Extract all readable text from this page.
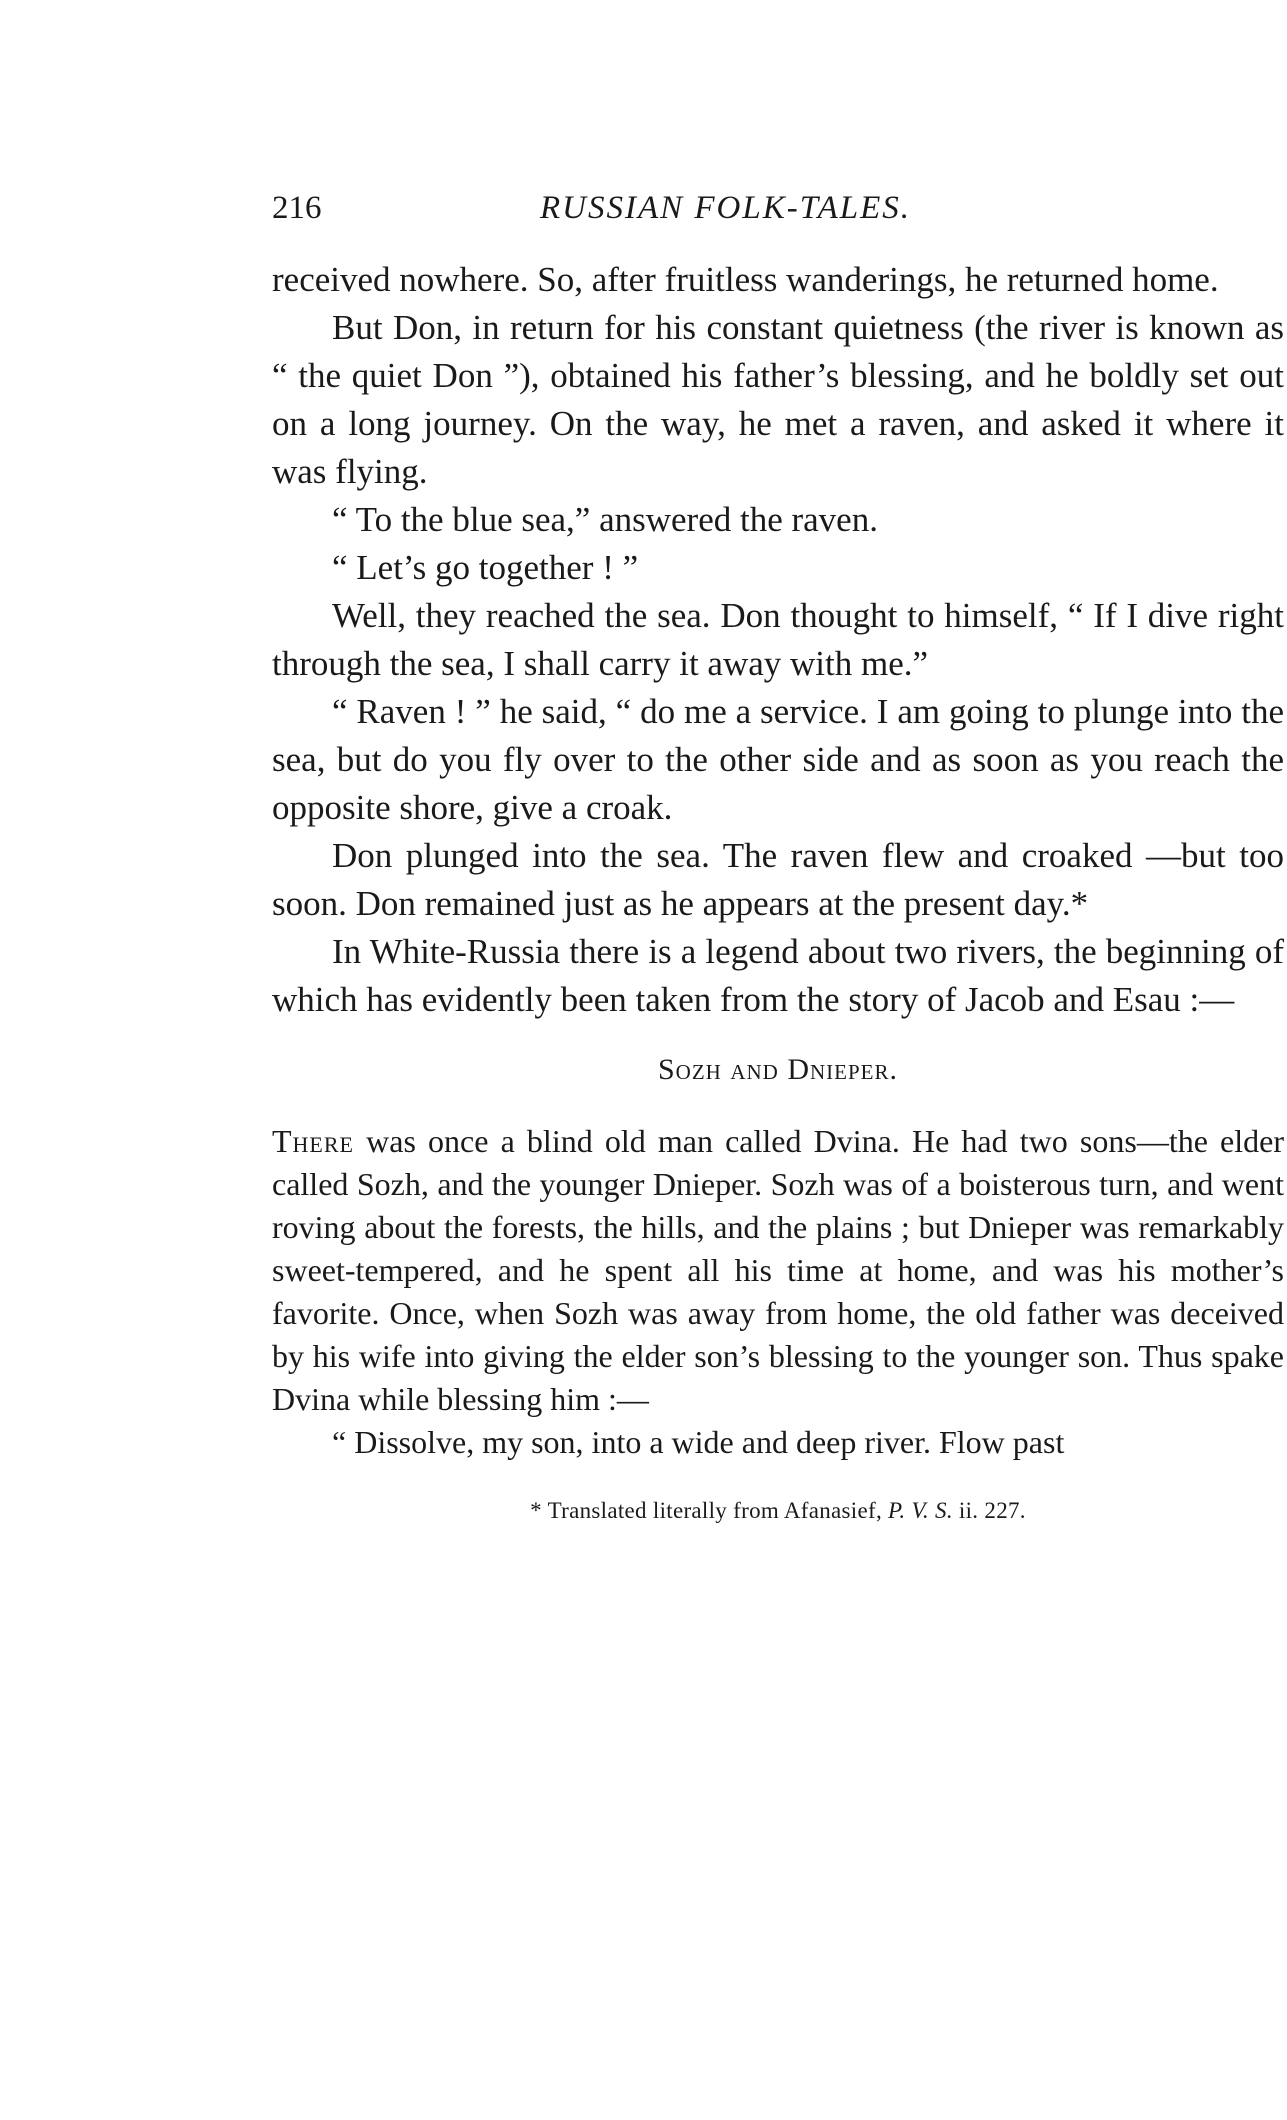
216	RUSSIAN FOLK-TALES.

received nowhere. So, after fruitless wanderings, he returned home.

But Don, in return for his constant quietness (the river is known as “ the quiet Don ”), obtained his father’s blessing, and he boldly set out on a long journey. On the way, he met a raven, and asked it where it was flying.

“ To the blue sea,” answered the raven.

“ Let’s go together ! ”

Well, they reached the sea. Don thought to himself, “ If I dive right through the sea, I shall carry it away with me.”

“ Raven ! ” he said, “ do me a service. I am going to plunge into the sea, but do you fly over to the other side and as soon as you reach the opposite shore, give a croak.

Don plunged into the sea. The raven flew and croaked —but too soon. Don remained just as he appears at the present day.*

In White-Russia there is a legend about two rivers, the beginning of which has evidently been taken from the story of Jacob and Esau :—

Sozh and Dnieper.

There was once a blind old man called Dvina. He had two sons—the elder called Sozh, and the younger Dnieper. Sozh was of a boisterous turn, and went roving about the forests, the hills, and the plains ; but Dnieper was remarkably sweet-tempered, and he spent all his time at home, and was his mother’s favorite. Once, when Sozh was away from home, the old father was deceived by his wife into giving the elder son’s blessing to the younger son. Thus spake Dvina while blessing him :—

“ Dissolve, my son, into a wide and deep river. Flow past

* Translated literally from Afanasief, P. V. S. ii. 227.
